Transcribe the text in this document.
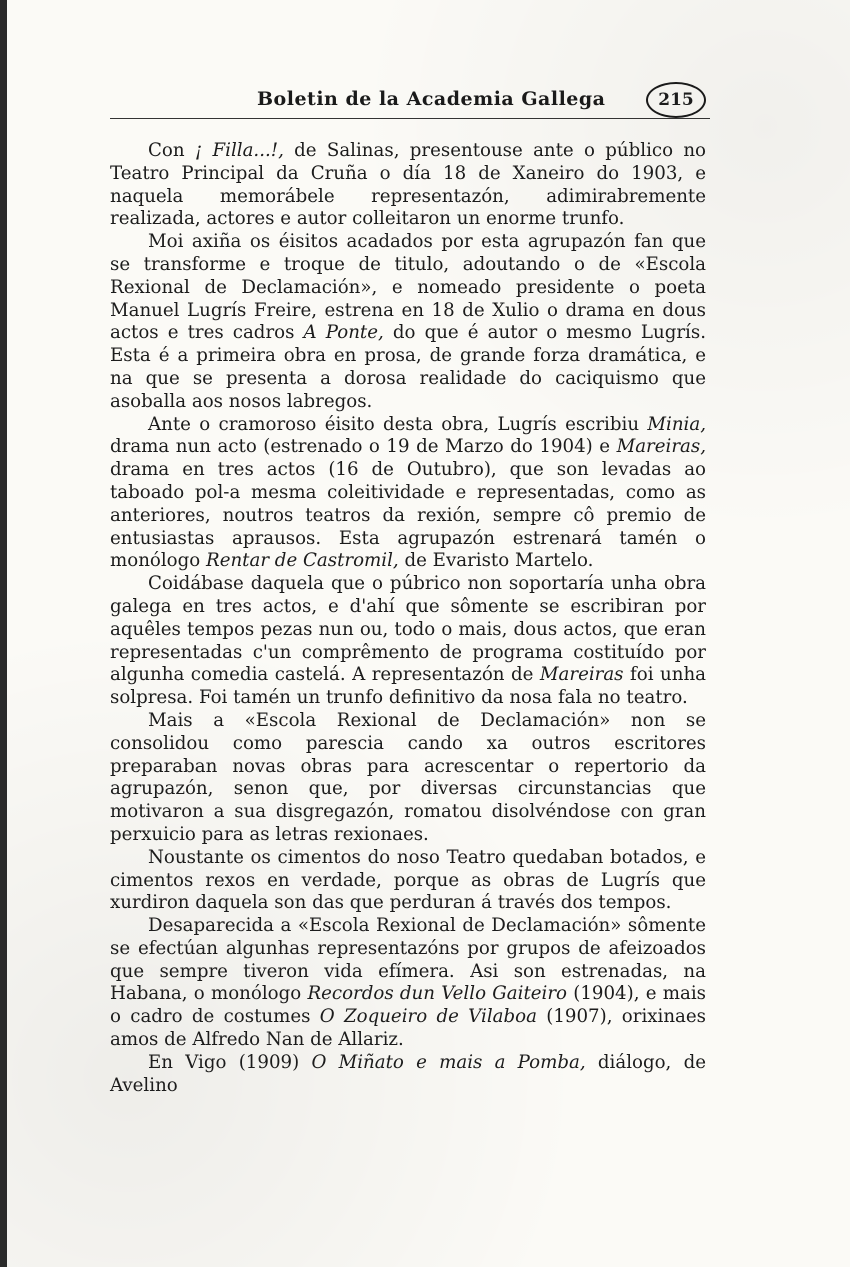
Boletin de la Academia Gallega	215

Con ¡ Filla...!, de Salinas, presentouse ante o público no Teatro Principal da Cruña o día 18 de Xaneiro do 1903, e naquela memorábele representazón, adimirabremente realizada, actores e autor colleitaron un enorme trunfo.

Moi axiña os éisitos acadados por esta agrupazón fan que se transforme e troque de titulo, adoutando o de «Escola Rexional de Declamación», e nomeado presidente o poeta Manuel Lugrís Freire, estrena en 18 de Xulio o drama en dous actos e tres cadros A Ponte, do que é autor o mesmo Lugrís. Esta é a primeira obra en prosa, de grande forza dramática, e na que se presenta a dorosa realidade do caciquismo que asoballa aos nosos labregos.

Ante o cramoroso éisito desta obra, Lugrís escribiu Minia, drama nun acto (estrenado o 19 de Marzo do 1904) e Mareiras, drama en tres actos (16 de Outubro), que son levadas ao taboado pol-a mesma coleitividade e representadas, como as anteriores, noutros teatros da rexión, sempre cô premio de entusiastas aprausos. Esta agrupazón estrenará tamén o monólogo Rentar de Castromil, de Evaristo Martelo.

Coidábase daquela que o púbrico non soportaría unha obra galega en tres actos, e d'ahí que sômente se escribiran por aquêles tempos pezas nun ou, todo o mais, dous actos, que eran representadas c'un comprêmento de programa costituído por algunha comedia castelá. A representazón de Mareiras foi unha solpresa. Foi tamén un trunfo definitivo da nosa fala no teatro.

Mais a «Escola Rexional de Declamación» non se consolidou como parescia cando xa outros escritores preparaban novas obras para acrescentar o repertorio da agrupazón, senon que, por diversas circunstancias que motivaron a sua disgregazón, romatou disolvéndose con gran perxuicio para as letras rexionaes.

Noustante os cimentos do noso Teatro quedaban botados, e cimentos rexos en verdade, porque as obras de Lugrís que xurdiron daquela son das que perduran á través dos tempos.

Desaparecida a «Escola Rexional de Declamación» sômente se efectúan algunhas representazóns por grupos de afeizoados que sempre tiveron vida efímera. Asi son estrenadas, na Habana, o monólogo Recordos dun Vello Gaiteiro (1904), e mais o cadro de costumes O Zoqueiro de Vilaboa (1907), orixinaes amos de Alfredo Nan de Allariz.

En Vigo (1909) O Miñato e mais a Pomba, diálogo, de Avelino
